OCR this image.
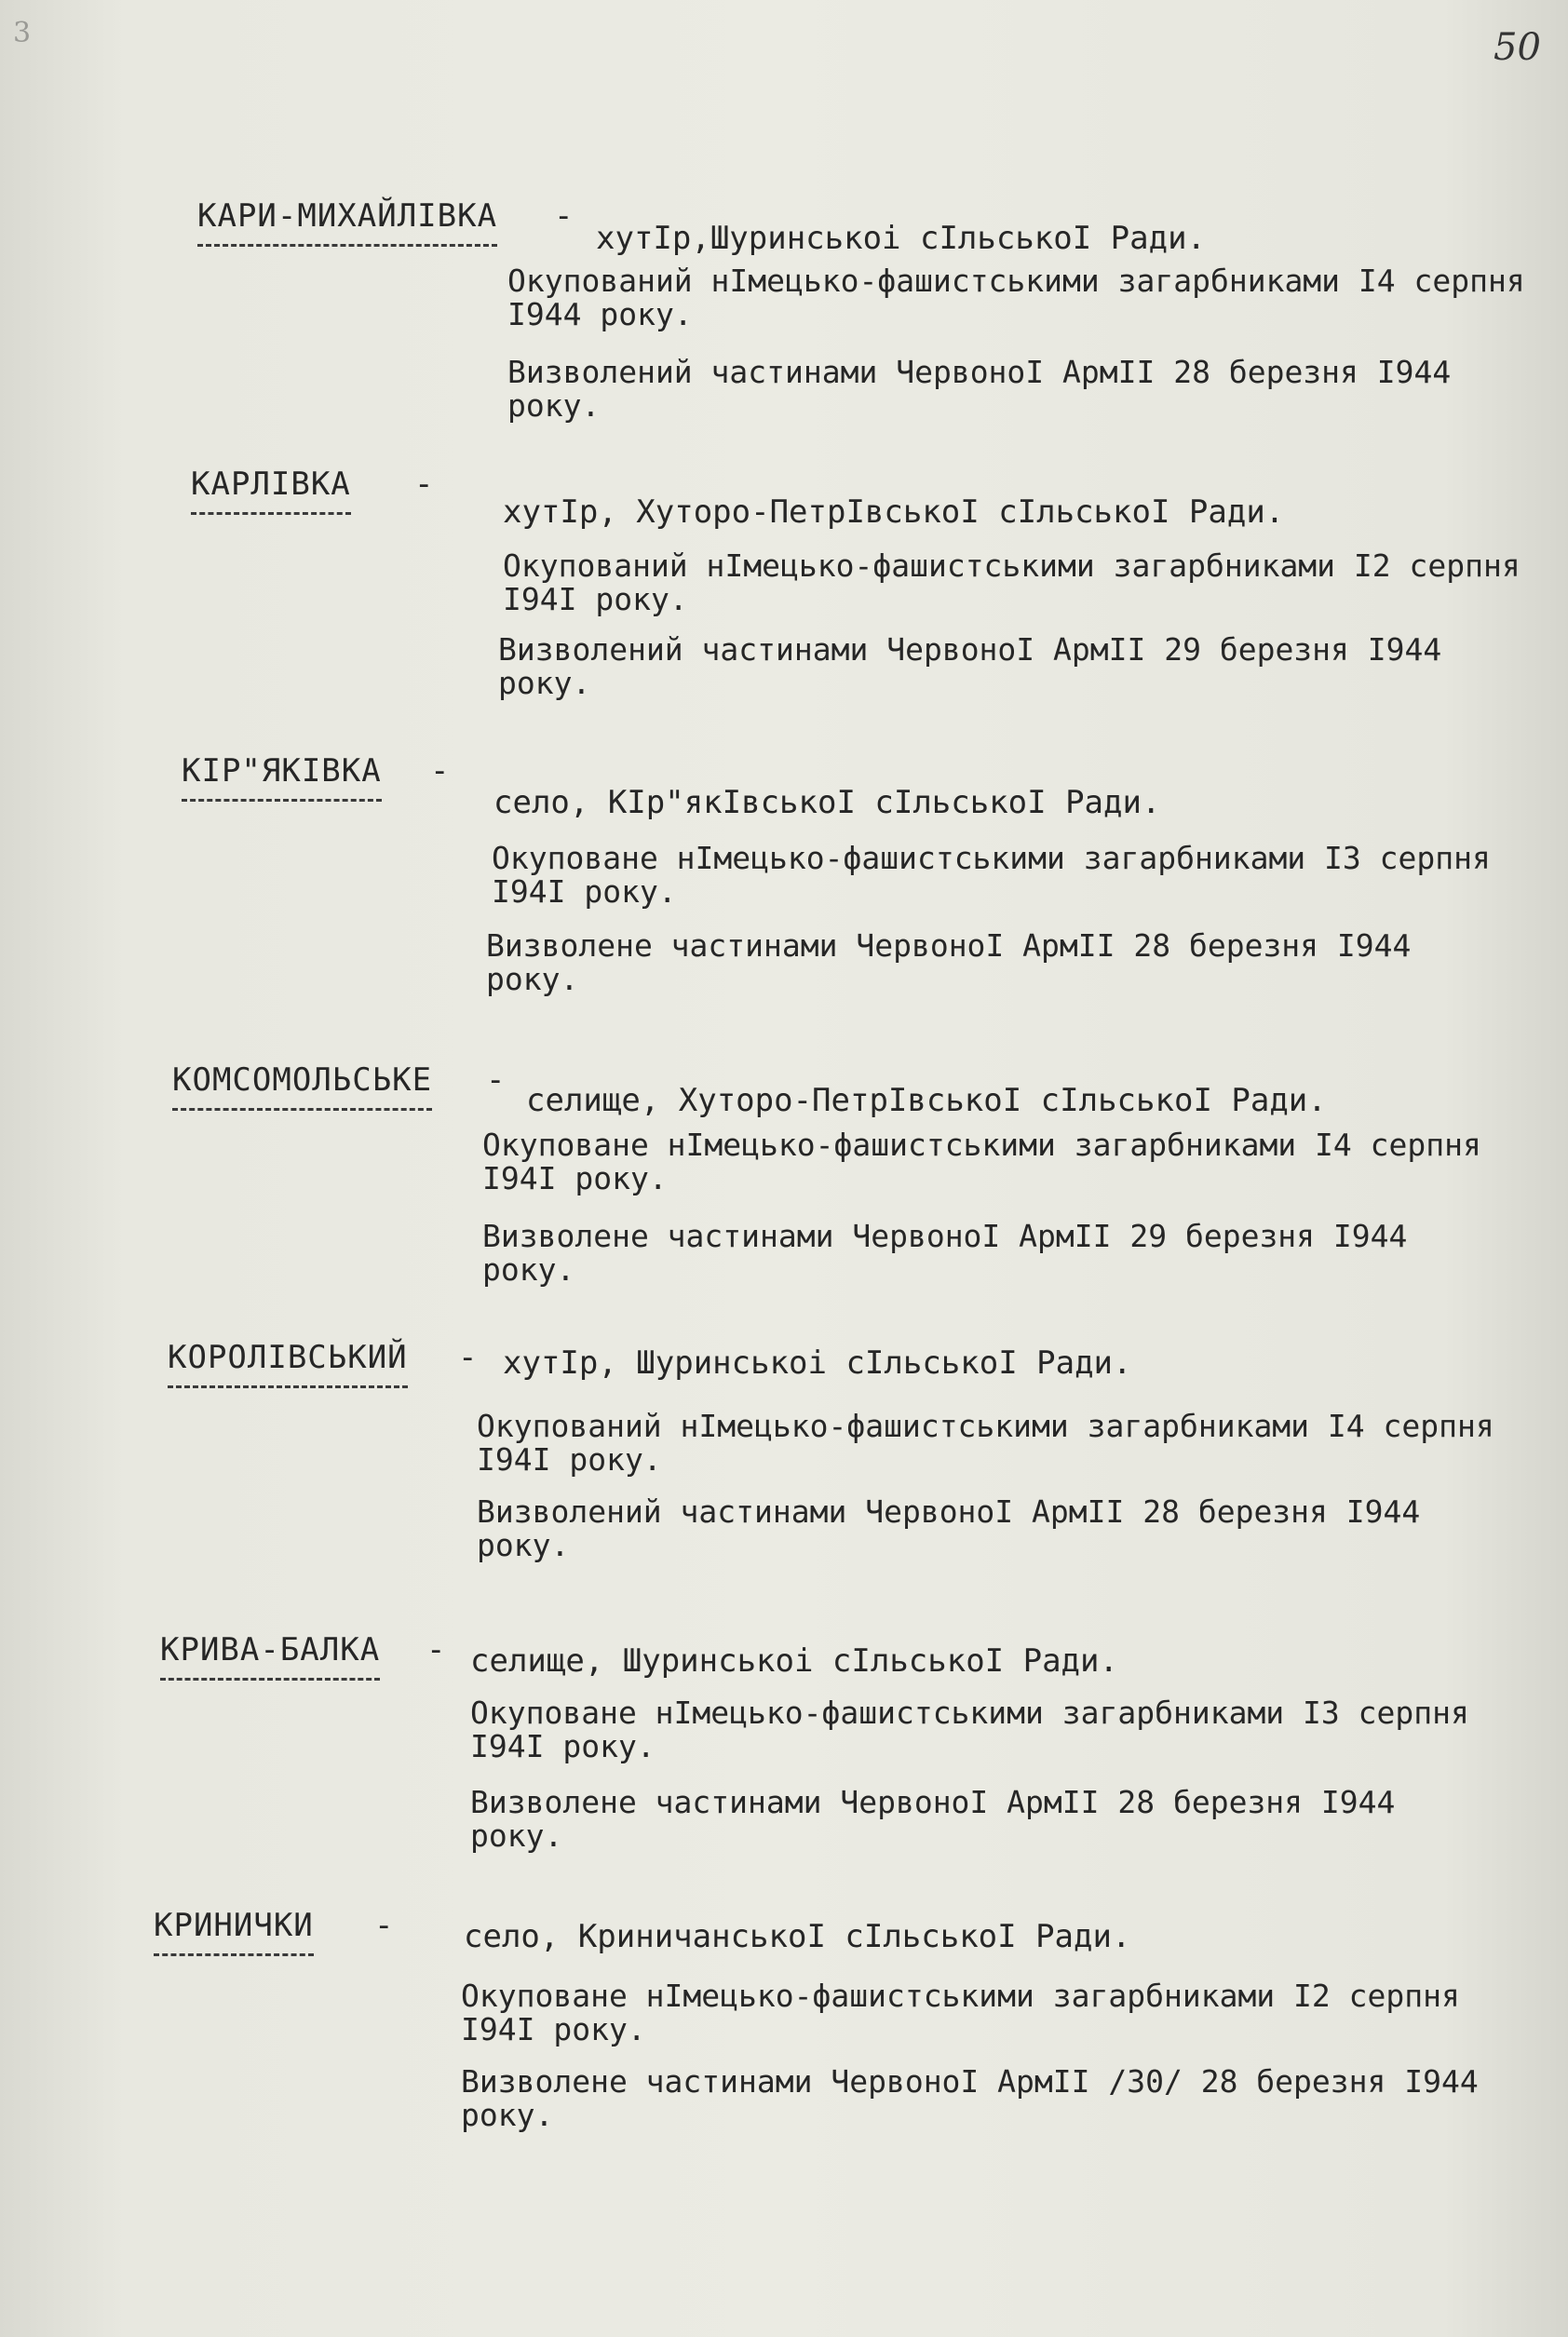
3	50
КАРИ-МИХАЙЛІВКА -
хутІр,Шуринськоі сІльськоІ Ради.
Окупований нІмецько-фашистськими загарбниками І4 серпня І944 року.
Визволений частинами ЧервоноІ АрмІІ 28 березня І944 року.
КАРЛІВКА -
хутІр, Хуторо-ПетрІвськоІ сІльськоІ Ради.
Окупований нІмецько-фашистськими загарбниками І2 серпня І94І року.
Визволений частинами ЧервоноІ АрмІІ 29 березня І944 року.
КІР"ЯКІВКА -
село, КІр"якІвськоІ сІльськоІ Ради.
Окуповане нІмецько-фашистськими загарбниками ІЗ серпня І94І року.
Визволене частинами ЧервоноІ АрмІІ 28 березня І944 року.
КОМСОМОЛЬСЬКЕ -
селище, Хуторо-ПетрІвськоІ сІльськоІ Ради.
Окуповане нІмецько-фашистськими загарбниками І4 серпня І94І року.
Визволене частинами ЧервоноІ АрмІІ 29 березня І944 року.
КОРОЛІВСЬКИЙ - хутІр, Шуринськоі сІльськоІ Ради.
Окупований нІмецько-фашистськими загарбниками І4 серпня І94І року.
Визволений частинами ЧервоноІ АрмІІ 28 березня І944 року.
КРИВА-БАЛКА - селище, Шуринськоі сІльськоІ Ради.
Окуповане нІмецько-фашистськими загарбниками ІЗ серпня І94І року.
Визволене частинами ЧервоноІ АрмІІ 28 березня І944 року.
КРИНИЧКИ - село, КриничанськоІ сІльськоІ Ради.
Окуповане нІмецько-фашистськими загарбниками І2 серпня І94І року.
Визволене частинами ЧервоноІ АрмІІ /30/ 28 березня І944 року.
